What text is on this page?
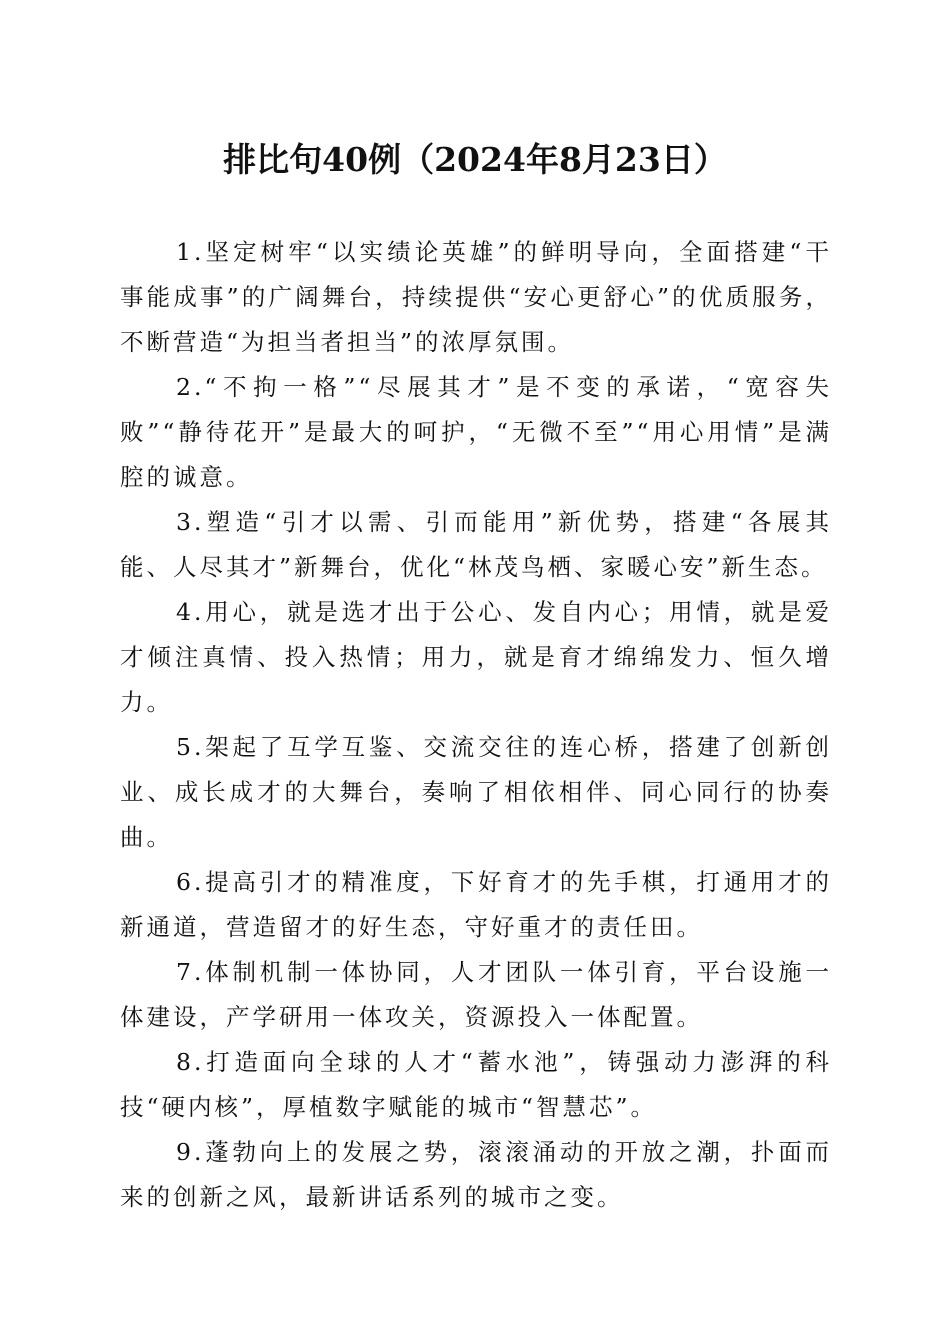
排比句40例（2024年8月23日）

1.坚定树牢“以实绩论英雄”的鲜明导向，全面搭建“干事能成事”的广阔舞台，持续提供“安心更舒心”的优质服务，不断营造“为担当者担当”的浓厚氛围。

2.“不拘一格”“尽展其才”是不变的承诺，“宽容失败”“静待花开”是最大的呵护，“无微不至”“用心用情”是满腔的诚意。

3.塑造“引才以需、引而能用”新优势，搭建“各展其能、人尽其才”新舞台，优化“林茂鸟栖、家暖心安”新生态。

4.用心，就是选才出于公心、发自内心；用情，就是爱才倾注真情、投入热情；用力，就是育才绵绵发力、恒久增力。

5.架起了互学互鉴、交流交往的连心桥，搭建了创新创业、成长成才的大舞台，奏响了相依相伴、同心同行的协奏曲。

6.提高引才的精准度，下好育才的先手棋，打通用才的新通道，营造留才的好生态，守好重才的责任田。

7.体制机制一体协同，人才团队一体引育，平台设施一体建设，产学研用一体攻关，资源投入一体配置。

8.打造面向全球的人才“蓄水池”，铸强动力澎湃的科技“硬内核”，厚植数字赋能的城市“智慧芯”。

9.蓬勃向上的发展之势，滚滚涌动的开放之潮，扑面而来的创新之风，最新讲话系列的城市之变。
